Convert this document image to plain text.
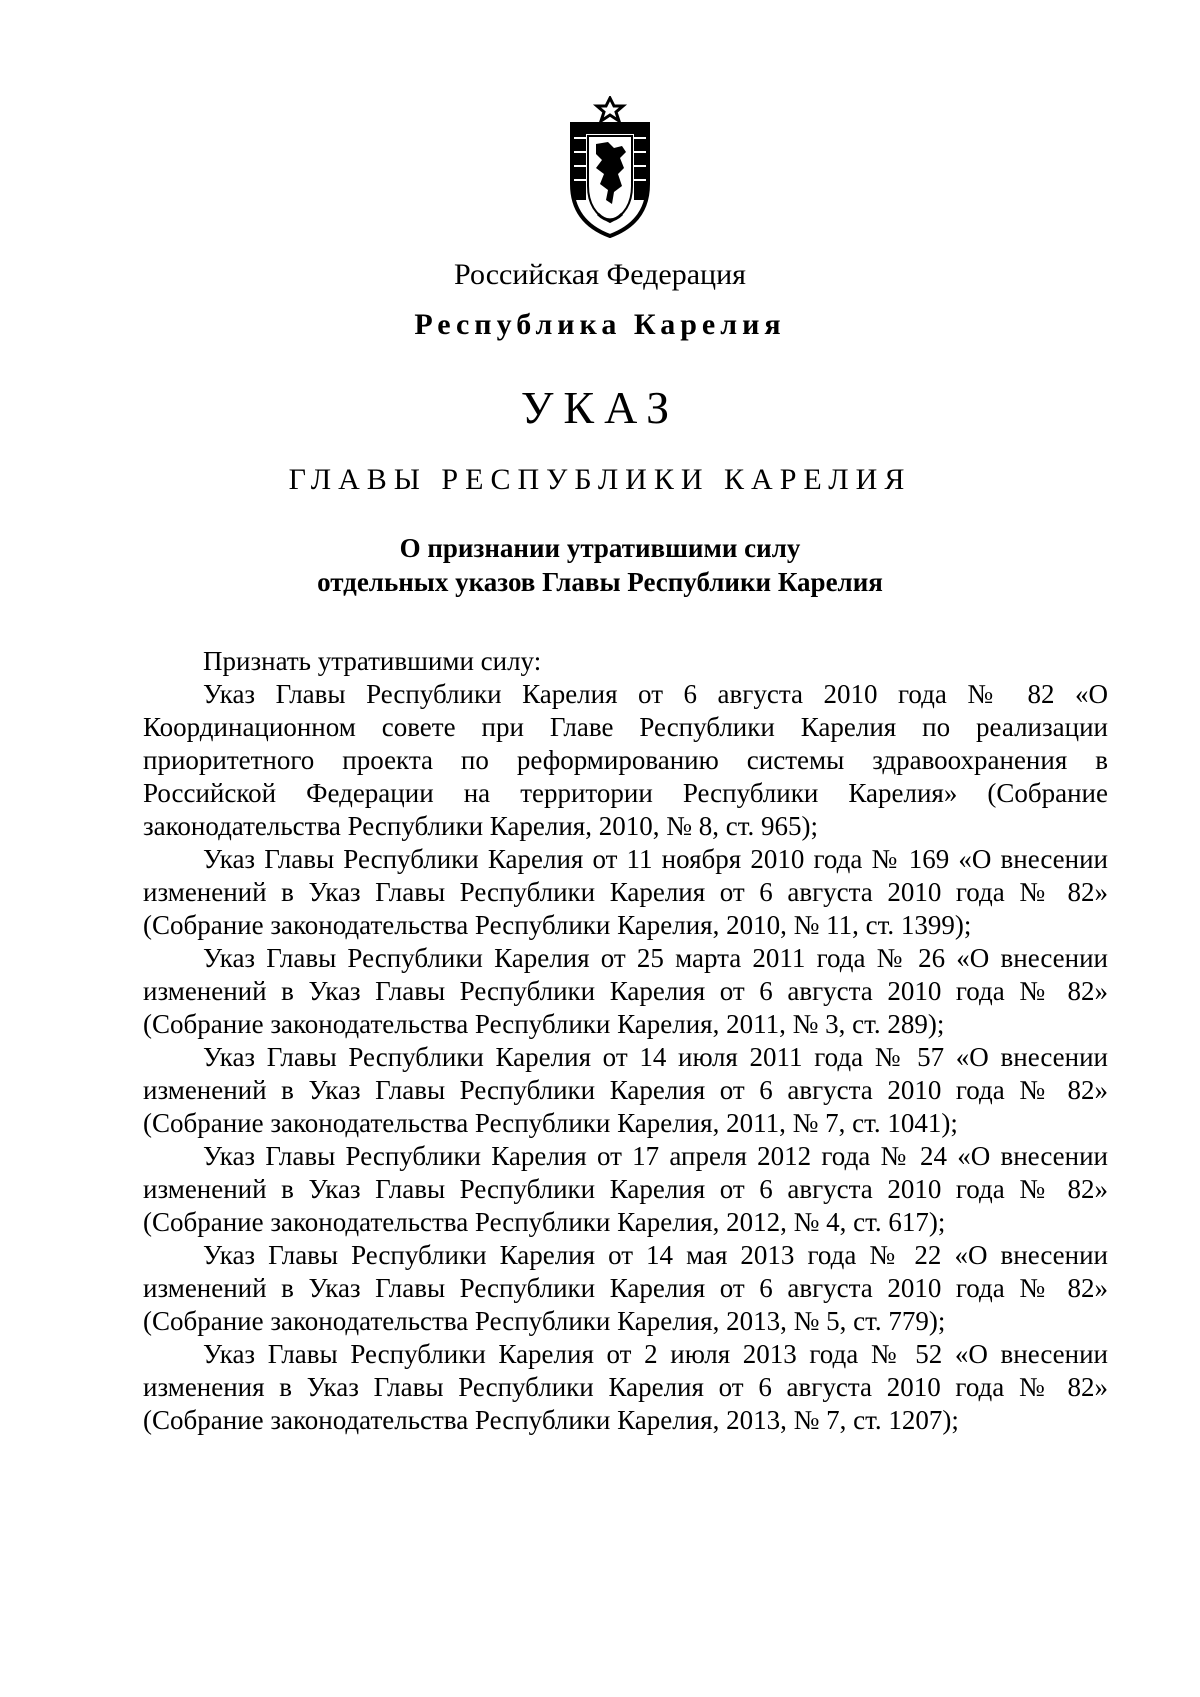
Российская Федерация
Республика Карелия
УКАЗ
ГЛАВЫ РЕСПУБЛИКИ КАРЕЛИЯ
О признании утратившими силу
отдельных указов Главы Республики Карелия

Признать утратившими силу:

Указ Главы Республики Карелия от 6 августа 2010 года № 82 «О Координационном совете при Главе Республики Карелия по реализации приоритетного проекта по реформированию системы здравоохранения в Российской Федерации на территории Республики Карелия» (Собрание законодательства Республики Карелия, 2010, № 8, ст. 965);

Указ Главы Республики Карелия от 11 ноября 2010 года № 169 «О внесении изменений в Указ Главы Республики Карелия от 6 августа 2010 года № 82» (Собрание законодательства Республики Карелия, 2010, № 11, ст. 1399);

Указ Главы Республики Карелия от 25 марта 2011 года № 26 «О внесении изменений в Указ Главы Республики Карелия от 6 августа 2010 года № 82» (Собрание законодательства Республики Карелия, 2011, № 3, ст. 289);

Указ Главы Республики Карелия от 14 июля 2011 года № 57 «О внесении изменений в Указ Главы Республики Карелия от 6 августа 2010 года № 82» (Собрание законодательства Республики Карелия, 2011, № 7, ст. 1041);

Указ Главы Республики Карелия от 17 апреля 2012 года № 24 «О внесении изменений в Указ Главы Республики Карелия от 6 августа 2010 года № 82» (Собрание законодательства Республики Карелия, 2012, № 4, ст. 617);

Указ Главы Республики Карелия от 14 мая 2013 года № 22 «О внесении изменений в Указ Главы Республики Карелия от 6 августа 2010 года № 82» (Собрание законодательства Республики Карелия, 2013, № 5, ст. 779);

Указ Главы Республики Карелия от 2 июля 2013 года № 52 «О внесении изменения в Указ Главы Республики Карелия от 6 августа 2010 года № 82» (Собрание законодательства Республики Карелия, 2013, № 7, ст. 1207);
